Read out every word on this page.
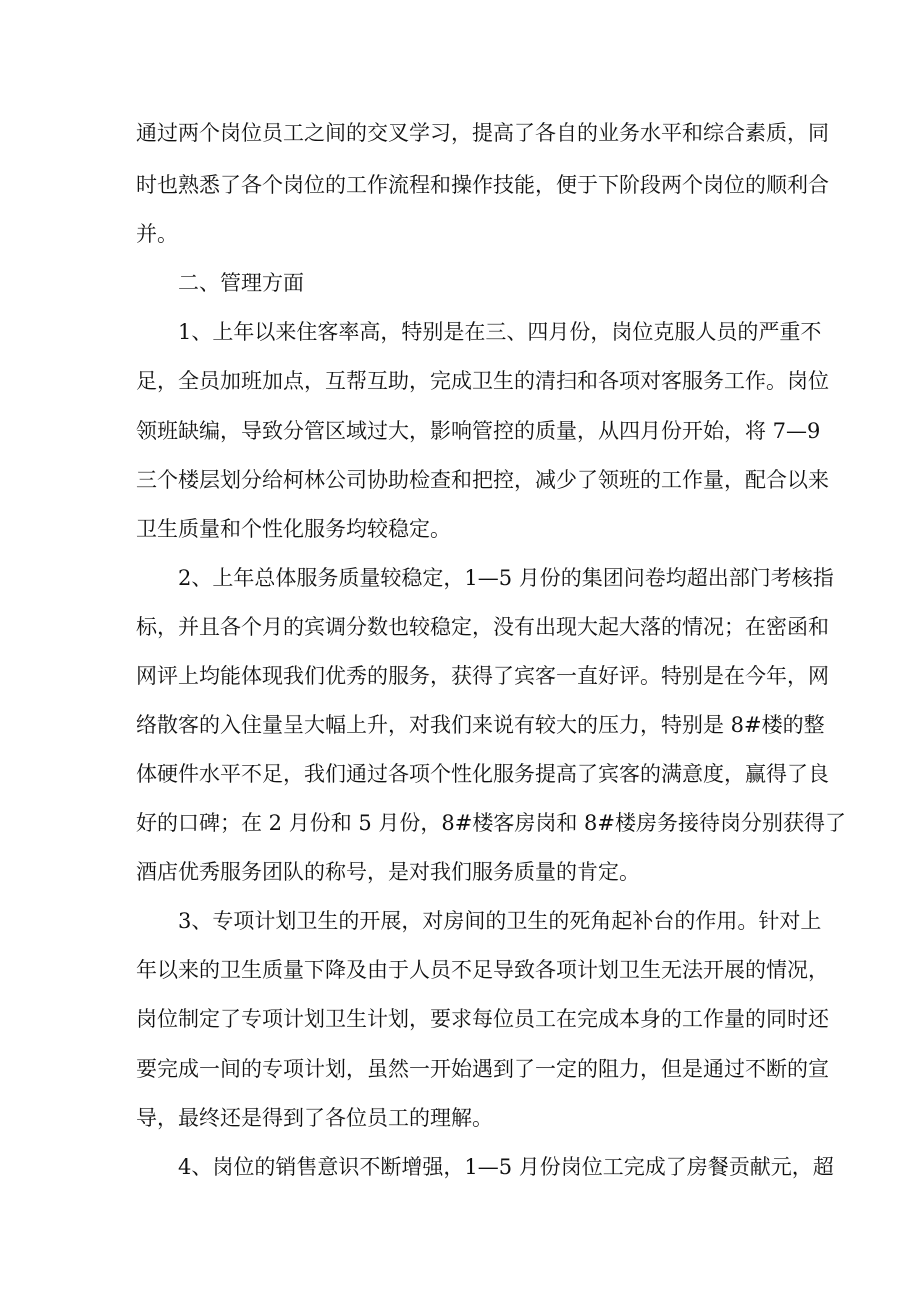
通过两个岗位员工之间的交叉学习，提高了各自的业务水平和综合素质，同
时也熟悉了各个岗位的工作流程和操作技能，便于下阶段两个岗位的顺利合
并。
二、管理方面
1、上年以来住客率高，特别是在三、四月份，岗位克服人员的严重不
足，全员加班加点，互帮互助，完成卫生的清扫和各项对客服务工作。岗位
领班缺编，导致分管区域过大，影响管控的质量，从四月份开始，将 7—9
三个楼层划分给柯林公司协助检查和把控，减少了领班的工作量，配合以来
卫生质量和个性化服务均较稳定。
2、上年总体服务质量较稳定，1—5 月份的集团问卷均超出部门考核指
标，并且各个月的宾调分数也较稳定，没有出现大起大落的情况；在密函和
网评上均能体现我们优秀的服务，获得了宾客一直好评。特别是在今年，网
络散客的入住量呈大幅上升，对我们来说有较大的压力，特别是 8#楼的整
体硬件水平不足，我们通过各项个性化服务提高了宾客的满意度，赢得了良
好的口碑；在 2 月份和 5 月份，8#楼客房岗和 8#楼房务接待岗分别获得了
酒店优秀服务团队的称号，是对我们服务质量的肯定。
3、专项计划卫生的开展，对房间的卫生的死角起补台的作用。针对上
年以来的卫生质量下降及由于人员不足导致各项计划卫生无法开展的情况，
岗位制定了专项计划卫生计划，要求每位员工在完成本身的工作量的同时还
要完成一间的专项计划，虽然一开始遇到了一定的阻力，但是通过不断的宣
导，最终还是得到了各位员工的理解。
4、岗位的销售意识不断增强，1—5 月份岗位工完成了房餐贡献元，超
